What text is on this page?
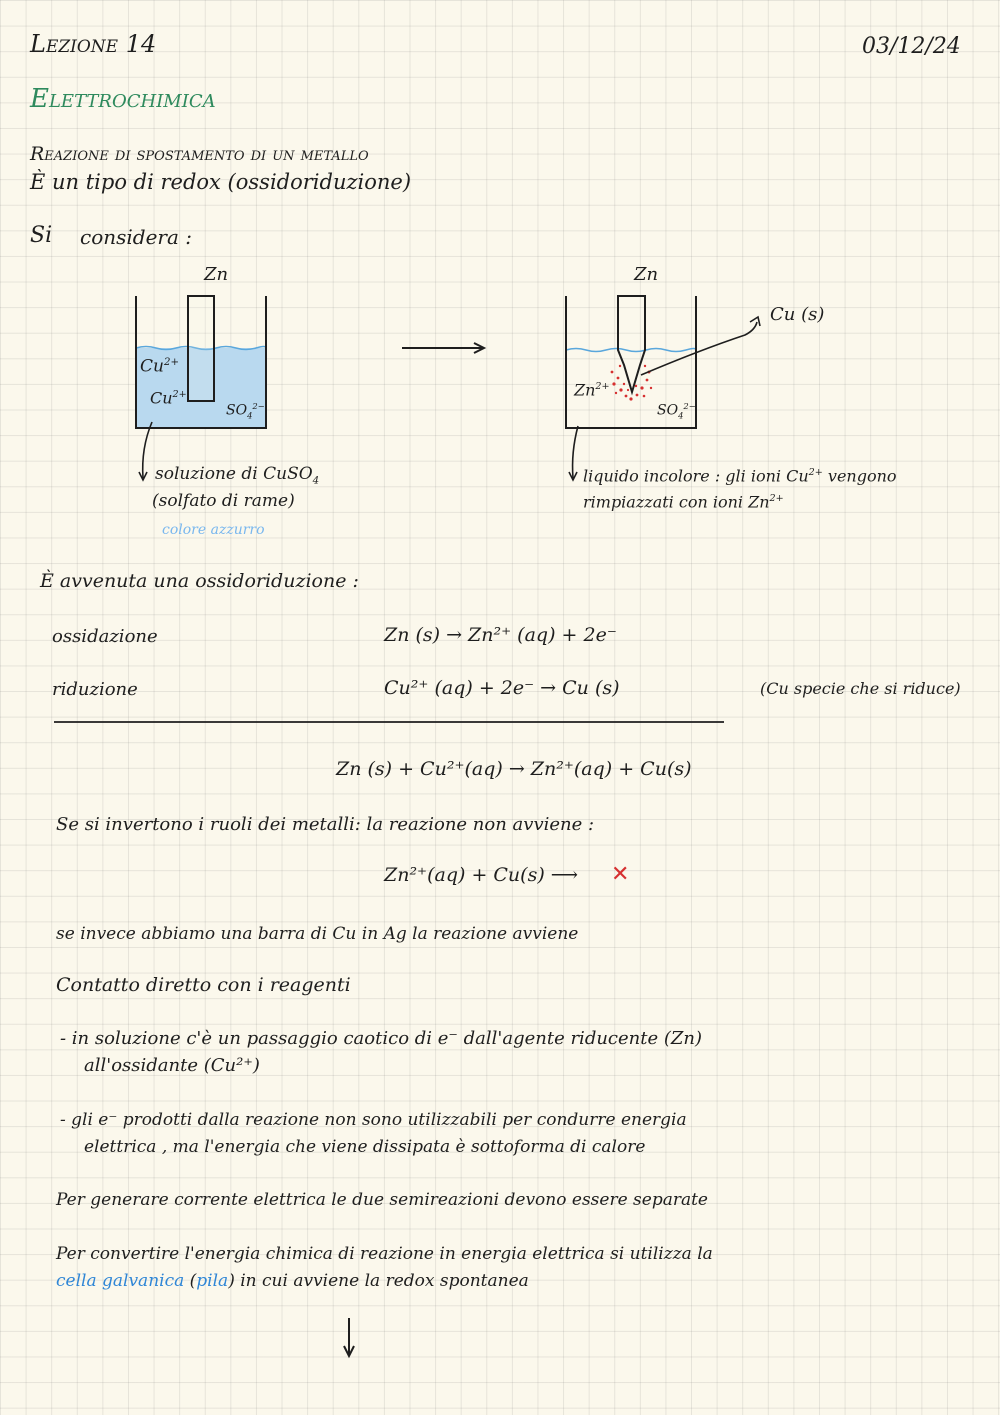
Lezione 14	03/12/24
Elettrochimica
Reazione di spostamento di un metallo
È un tipo di redox (ossidoriduzione)
Si considera :
Zn	Zn
$Cu^{2+}$
$Cu^{2+}$
$SO_4^{2-}$
$Zn^{2+}$
$SO_4^{2-}$
Cu (s)
soluzione di CuSO$_4$
(solfato di rame)
colore azzurro
liquido incolore : gli ioni $Cu^{2+}$ vengono
rimpiazzati con ioni $Zn^{2+}$
È avvenuta una ossidoriduzione :
ossidazione	Zn (s) → Zn²⁺ (aq) + 2e⁻
riduzione	Cu²⁺ (aq) + 2e⁻ → Cu (s)	(Cu specie che si riduce)
Zn (s) + Cu²⁺(aq) → Zn²⁺(aq) + Cu(s)
Se si invertono i ruoli dei metalli: la reazione non avviene :
Zn²⁺(aq) + Cu(s) ⟶ ✕
se invece abbiamo una barra di Cu in Ag la reazione avviene
Contatto diretto con i reagenti
- in soluzione c'è un passaggio caotico di e⁻ dall'agente riducente (Zn)
all'ossidante (Cu²⁺)
- gli e⁻ prodotti dalla reazione non sono utilizzabili per condurre energia
elettrica , ma l'energia che viene dissipata è sottoforma di calore
Per generare corrente elettrica le due semireazioni devono essere separate
Per convertire l'energia chimica di reazione in energia elettrica si utilizza la
cella galvanica (pila) in cui avviene la redox spontanea
